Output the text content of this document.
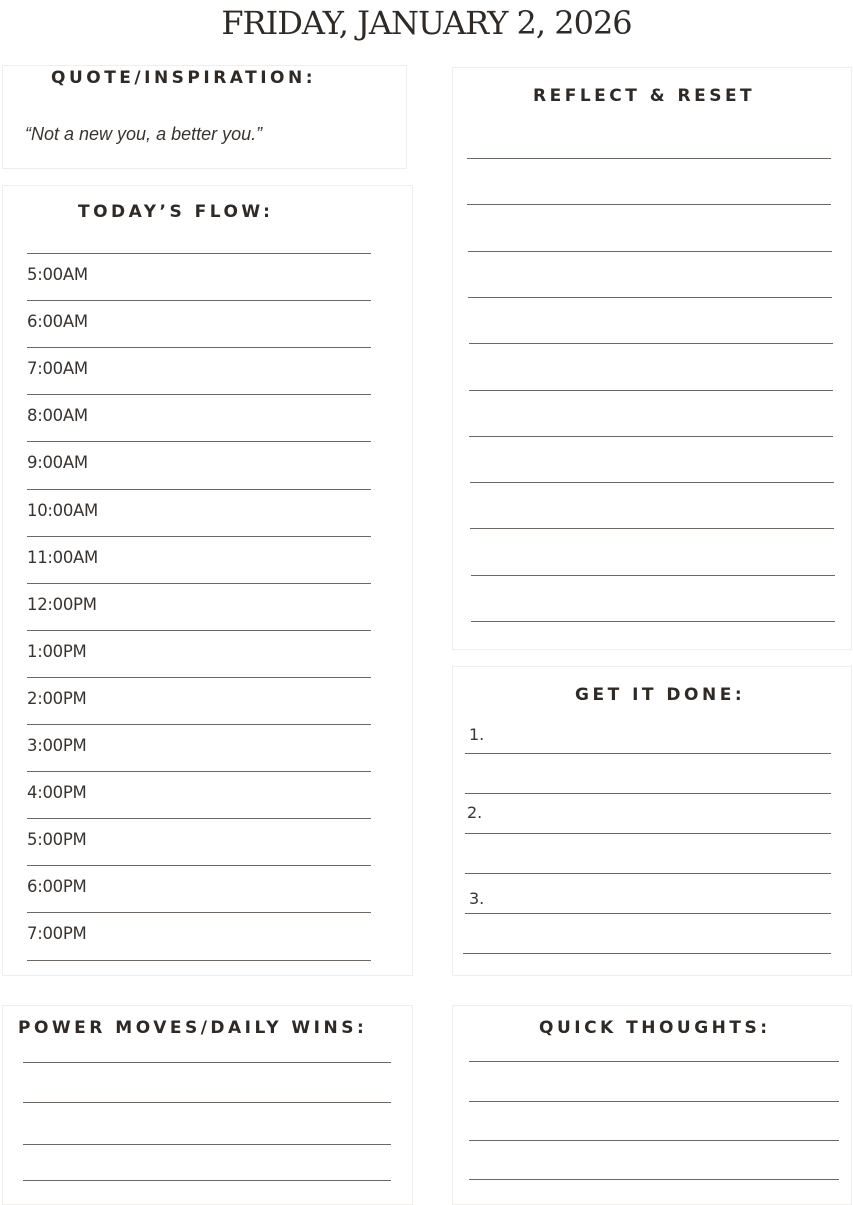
FRIDAY, JANUARY 2, 2026
QUOTE/INSPIRATION:
“Not a new you, a better you.”
TODAY’S FLOW:
5:00AM
6:00AM
7:00AM
8:00AM
9:00AM
10:00AM
11:00AM
12:00PM
1:00PM
2:00PM
3:00PM
4:00PM
5:00PM
6:00PM
7:00PM
REFLECT & RESET
GET IT DONE:
1.
2.
3.
POWER MOVES/DAILY WINS:	QUICK THOUGHTS:
